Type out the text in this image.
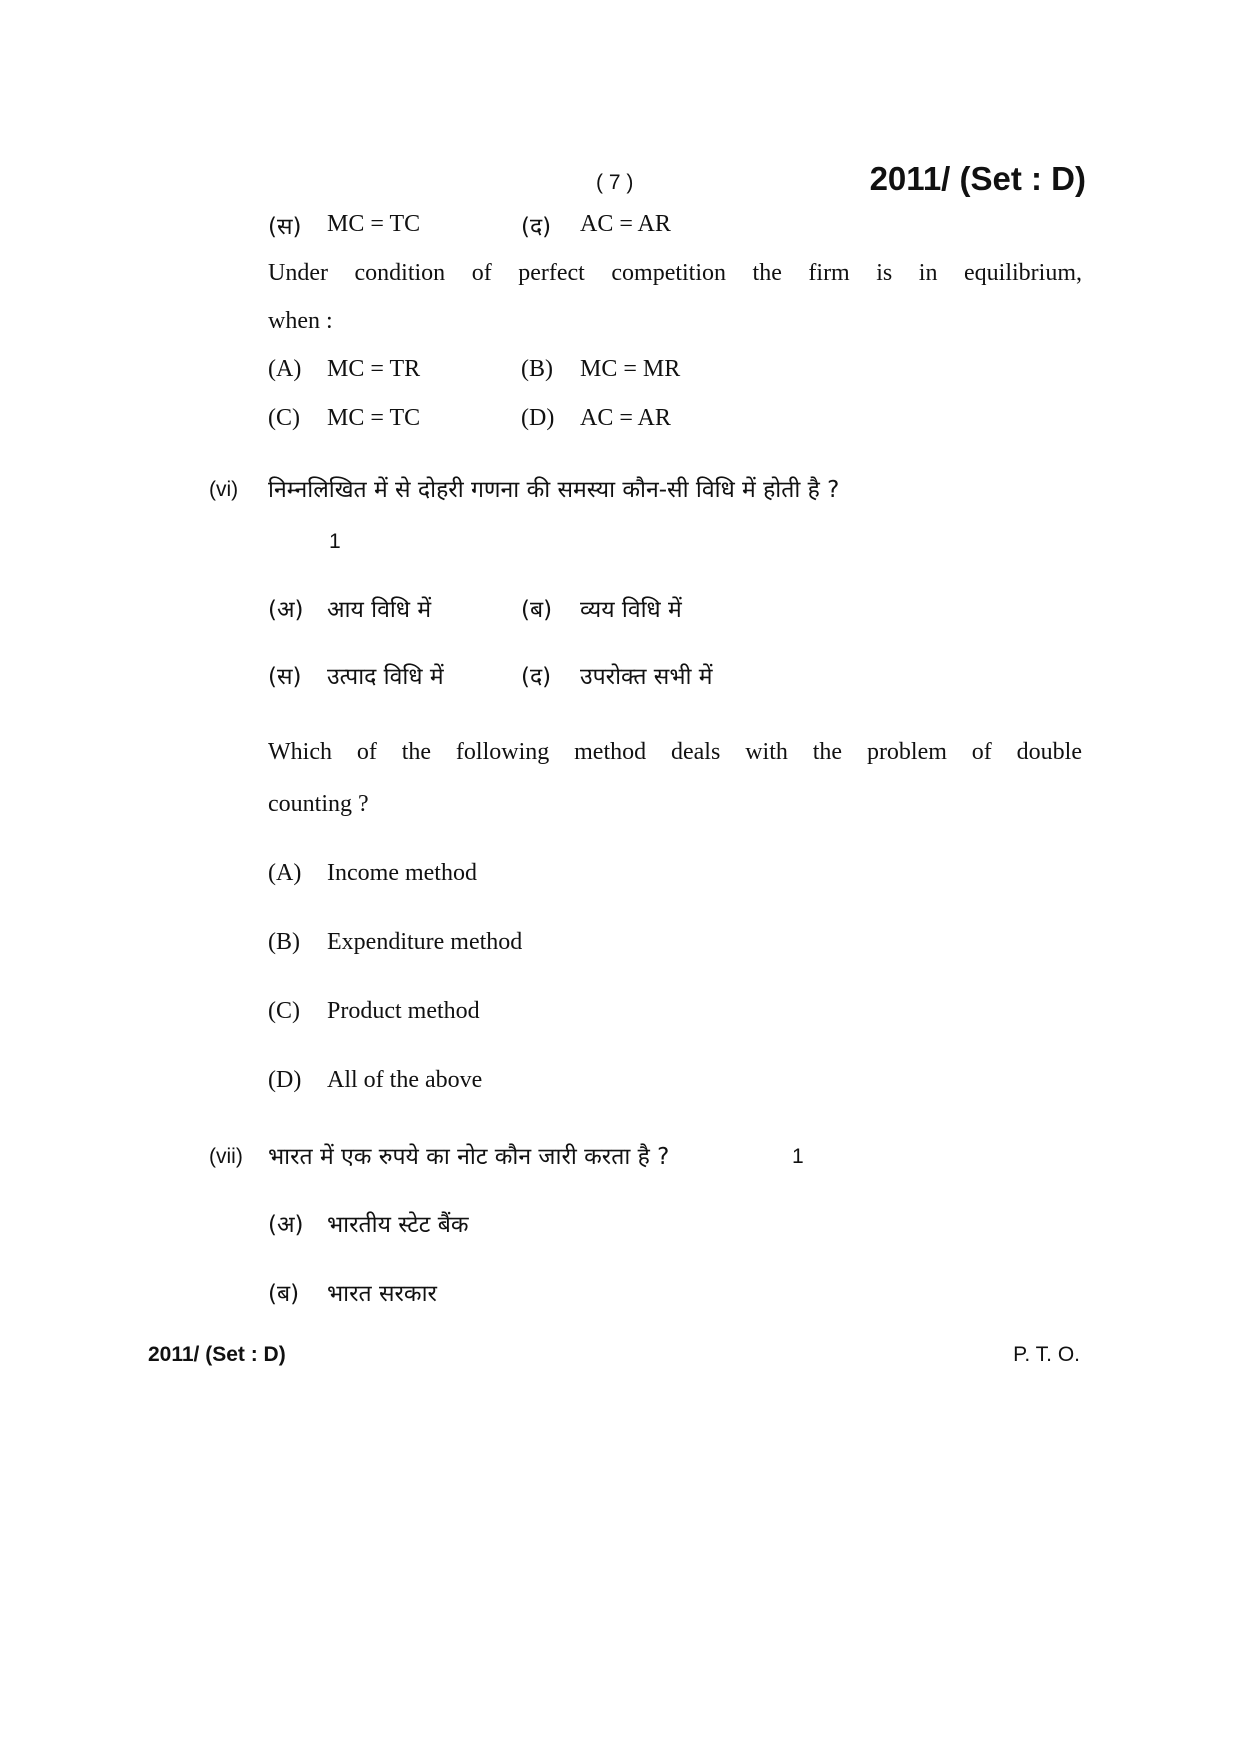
( 7 )	2011/ (Set : D)
(स) MC = TC	(द) AC = AR
Under condition of perfect competition the firm is in equilibrium,
when :
(A) MC = TR	(B) MC = MR
(C) MC = TC	(D) AC = AR
(vi) निम्नलिखित में से दोहरी गणना की समस्या कौन-सी विधि में होती है ?
1
(अ) आय विधि में	(ब) व्यय विधि में
(स) उत्पाद विधि में	(द) उपरोक्त सभी में
Which of the following method deals with the problem of double
counting ?
(A) Income method
(B) Expenditure method
(C) Product method
(D) All of the above
(vii) भारत में एक रुपये का नोट कौन जारी करता है ?	1
(अ) भारतीय स्टेट बैंक
(ब) भारत सरकार
2011/ (Set : D)	P. T. O.
